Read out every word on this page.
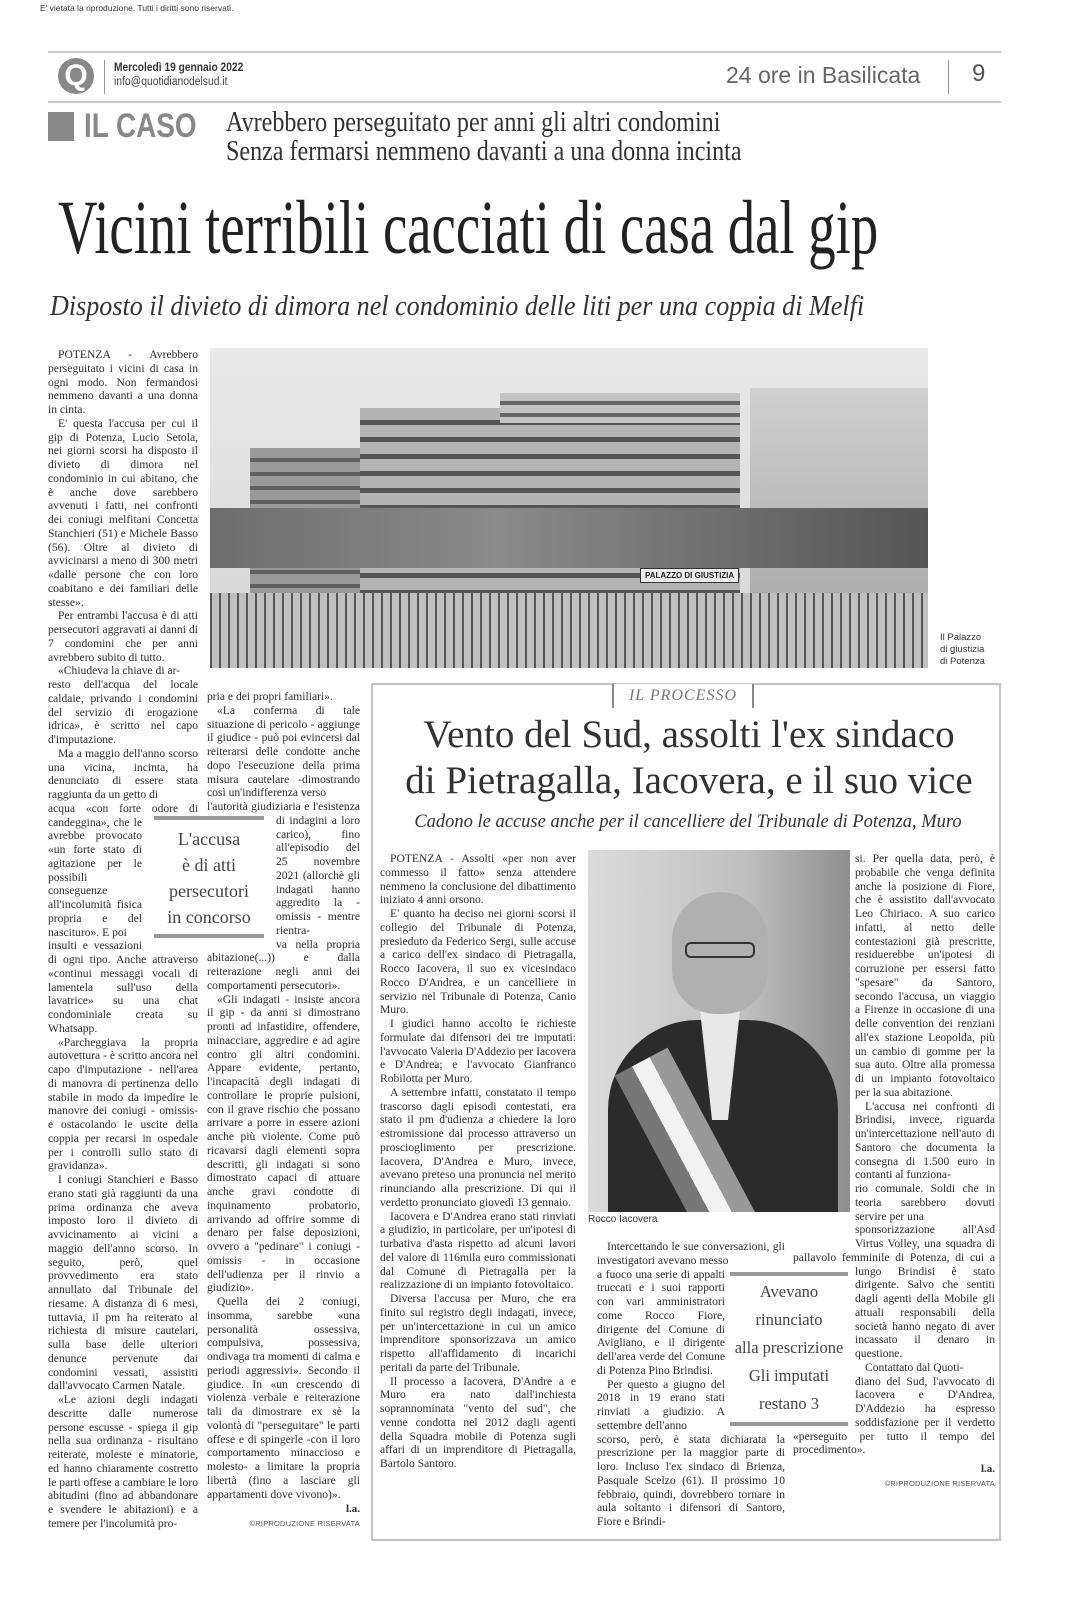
E' vietata la riproduzione. Tutti i diritti sono riservati.
Q	Mercoledì 19 gennaio 2022
info@quotidianodelsud.it	24 ore in Basilicata 9
IL CASO Avrebbero perseguitato per anni gli altri condomini
Senza fermarsi nemmeno davanti a una donna incinta
Vicini terribili cacciati di casa dal gip
Disposto il divieto di dimora nel condominio delle liti per una coppia di Melfi
PALAZZO DI GIUSTIZIA
Il Palazzo
di giustizia
di Potenza
L'accusa
è di atti
persecutori
in concorso

POTENZA - Avrebbero perseguitato i vicini di casa in ogni modo. Non fermandosi nemmeno davanti a una donna in cinta.

E' questa l'accusa per cui il gip di Potenza, Lucio Setola, nei giorni scorsi ha disposto il divieto di dimora nel condominio in cui abitano, che è anche dove sarebbero avvenuti i fatti, nei confronti dei coniugi melfitani Concetta Stanchieri (51) e Michele Basso (56). Oltre al divieto di avvicinarsi a meno di 300 metri «dalle persone che con loro coabitano e dei familiari delle stesse».

Per entrambi l'accusa è di atti persecutori aggravati ai danni di 7 condomini che per anni avrebbero subito di tutto.

«Chiudeva la chiave di ar-

resto dell'acqua del locale caldaie, privando i condomini del servizio di erogazione idrica», è scritto nel capo d'imputazione.

Ma a maggio dell'anno scorso una vicina, incinta, ha denunciato di essere stata raggiunta da un getto di

acqua «con forte odore di candeggina», che le avrebbe provocato «un forte stato di agitazione per le possibili conseguenze all'incolumità fisica propria e del nascituro». E poi

insulti e vessazioni di ogni tipo. Anche attraverso «continui messaggi vocali di lamentela sull'uso della lavatrice» su una chat condominiale creata su Whatsapp.

«Parcheggiava la propria autovettura - è scritto ancora nel capo d'imputazione - nell'area di manovra di pertinenza dello stabile in modo da impedire le manovre dei coniugi - omissis- e ostacolando le uscite della coppia per recarsi in ospedale per i controlli sullo stato di gravidanza».

I coniugi Stanchieri e Basso erano stati già raggiunti da una prima ordinanza che aveva imposto loro il divieto di avvicinamento ai vicini a maggio dell'anno scorso. In seguito, però, quel provvedimento era stato annullato dal Tribunale del riesame. A distanza di 6 mesi, tuttavia, il pm ha reiterato al richiesta di misure cautelari, sulla base delle ulteriori denunce pervenute dai condomini vessati, assistiti dall'avvocato Carmen Natale.

«Le azioni degli indagati descritte dalle numerose persone escusse - spiega il gip nella sua ordinanza - risultano reiterate, moleste e minatorie, ed hanno chiaramente costretto le parti offese a cambiare le loro abitudini (fino ad abbandonare e svendere le abitazioni) e a temere per l'incolumità pro-

pria e dei propri familiari».

«La conferma di tale situazione di pericolo - aggiunge il giudice - può poi evincersi dal reiterarsi delle condotte anche dopo l'esecuzione della prima misura cautelare -dimostrando così un'indifferenza verso

l'autorità giudiziaria e l'esistenza di indagini a loro carico), fino all'episodio del 25 novembre 2021 (allorchè gli indagati hanno aggredito la - omissis - mentre rientra-

va nella propria abitazione(...)) e dalla reiterazione negli anni dei comportamenti persecutori».

«Gli indagati - insiste ancora il gip - da anni si dimostrano pronti ad infastidire, offendere, minacciare, aggredire e ad agire contro gli altri condomini. Appare evidente, pertanto, l'incapacità degli indagati di controllare le proprie pulsioni, con il grave rischio che possano arrivare a porre in essere azioni anche più violente. Come può ricavarsi dagli elementi sopra descritti, gli indagati si sono dimostrato capaci di attuare anche gravi condotte di inquinamento probatorio, arrivando ad offrire somme di denaro per false deposizioni, ovvero a "pedinare" i coniugi - omissis - in occasione dell'udienza per il rinvio a giudizio».

Quella dei 2 coniugi, insomma, sarebbe «una personalità ossessiva, compulsiva, possessiva, ondivaga tra momenti di calma e periodi aggressivi». Secondo il giudice. In «un crescendo di violenza verbale e reiterazione tali da dimostrare ex sè la volontà di "perseguitare" le parti offese e di spingerle -con il loro comportamento minaccioso e molesto- a limitare la propria libertà (fino a lasciare gli appartamenti dove vivono)».

l.a.
©RIPRODUZIONE RISERVATA
IL PROCESSO
Vento del Sud, assolti l'ex sindaco
di Pietragalla, Iacovera, e il suo vice
Cadono le accuse anche per il cancelliere del Tribunale di Potenza, Muro
Rocco Iacovera

POTENZA - Assolti «per non aver commesso il fatto» senza attendere nemmeno la conclusione del dibattimento iniziato 4 anni orsono.

E' quanto ha deciso nei giorni scorsi il collegio del Tribunale di Potenza, presieduto da Federico Sergi, sulle accuse a carico dell'ex sindaco di Pietragalla, Rocco Iacovera, il suo ex vicesindaco Rocco D'Andrea, e un cancelliere in servizio nel Tribunale di Potenza, Canio Muro.

I giudici hanno accolto le richieste formulate dai difensori dei tre imputati: l'avvocato Valeria D'Addezio per Iacovera e D'Andrea; e l'avvocato Gianfranco Robilotta per Muro.

A settembre infatti, constatato il tempo trascorso dagli episodi contestati, era stato il pm d'udienza a chiedere la loro estromissione dal processo attraverso un proscioglimento per prescrizione. Iacovera, D'Andrea e Muro, invece, avevano preteso una pronuncia nel merito rinunciando alla prescrizione. Di qui il verdetto pronunciato giovedì 13 gennaio.

Iacovera e D'Andrea erano stati rinviati a giudizio, in particolare, per un'ipotesi di turbativa d'asta rispetto ad alcuni lavori del valore di 116mila euro commissionati dal Comune di Pietragalla per la realizzazione di un impianto fotovoltaico.

Diversa l'accusa per Muro, che era finito sul registro degli indagati, invece, per un'intercettazione in cui un amico imprenditore sponsorizzava un amico rispetto all'affidamento di incarichi peritali da parte del Tribunale.

Il processo a Iacovera, D'Andre a e Muro era nato dall'inchiesta soprannominata "vento del sud", che venne condotta nel 2012 dagli agenti della Squadra mobile di Potenza sugli affari di un imprenditore di Pietragalla, Bartolo Santoro.

Avevano
rinunciato
alla prescrizione
Gli imputati
restano 3

Intercettando le sue conversazioni, gli investigatori avevano messo

a fuoco una serie di appalti truccati e i suoi rapporti con vari amministratori come Rocco Fiore, dirigente del Comune di Avigliano, e il dirigente dell'area verde del Comune di Potenza Pino Brindisi.

Per questo a giugno del 2018 in 19 erano stati rinviati a giudizio. A settembre dell'anno

scorso, però, è stata dichiarata la prescrizione per la maggior parte di loro. Incluso l'ex sindaco di Brienza, Pasquale Scelzo (61). Il prossimo 10 febbraio, quindi, dovrebbero tornare in aula soltanto i difensori di Santoro, Fiore e Brindi-

si. Per quella data, però, è probabile che venga definita anche la posizione di Fiore, che è assistito dall'avvocato Leo Chiriaco. A suo carico infatti, al netto delle contestazioni già prescritte, residuerebbe un'ipotesi di corruzione per essersi fatto "spesare" da Santoro, secondo l'accusa, un viaggio a Firenze in occasione di una delle convention dei renziani all'ex stazione Leopolda, più un cambio di gomme per la sua auto. Oltre alla promessa di un impianto fotovoltaico per la sua abitazione.

L'accusa nei confronti di Brindisi, invece, riguarda un'intercettazione nell'auto di Santoro che documenta la consegna di 1.500 euro in contanti al funziona-

rio comunale. Soldi che in teoria sarebbero dovuti servire per una

sponsorizzazione all'Asd Virtus Volley, una squadra di pallavolo femminile di Potenza, di cui a lungo Brindisi è stato dirigente. Salvo che sentiti dagli agenti della Mobile gli attuali responsabili della società hanno negato di aver incassato il denaro in questione.

Contattato dal Quoti-

diano del Sud, l'avvocato di Iacovera e D'Andrea, D'Addezio ha espresso soddisfazione per il verdetto «perseguito per tutto il tempo del procedimento».

l.a.
©RIPRODUZIONE RISERVATA
